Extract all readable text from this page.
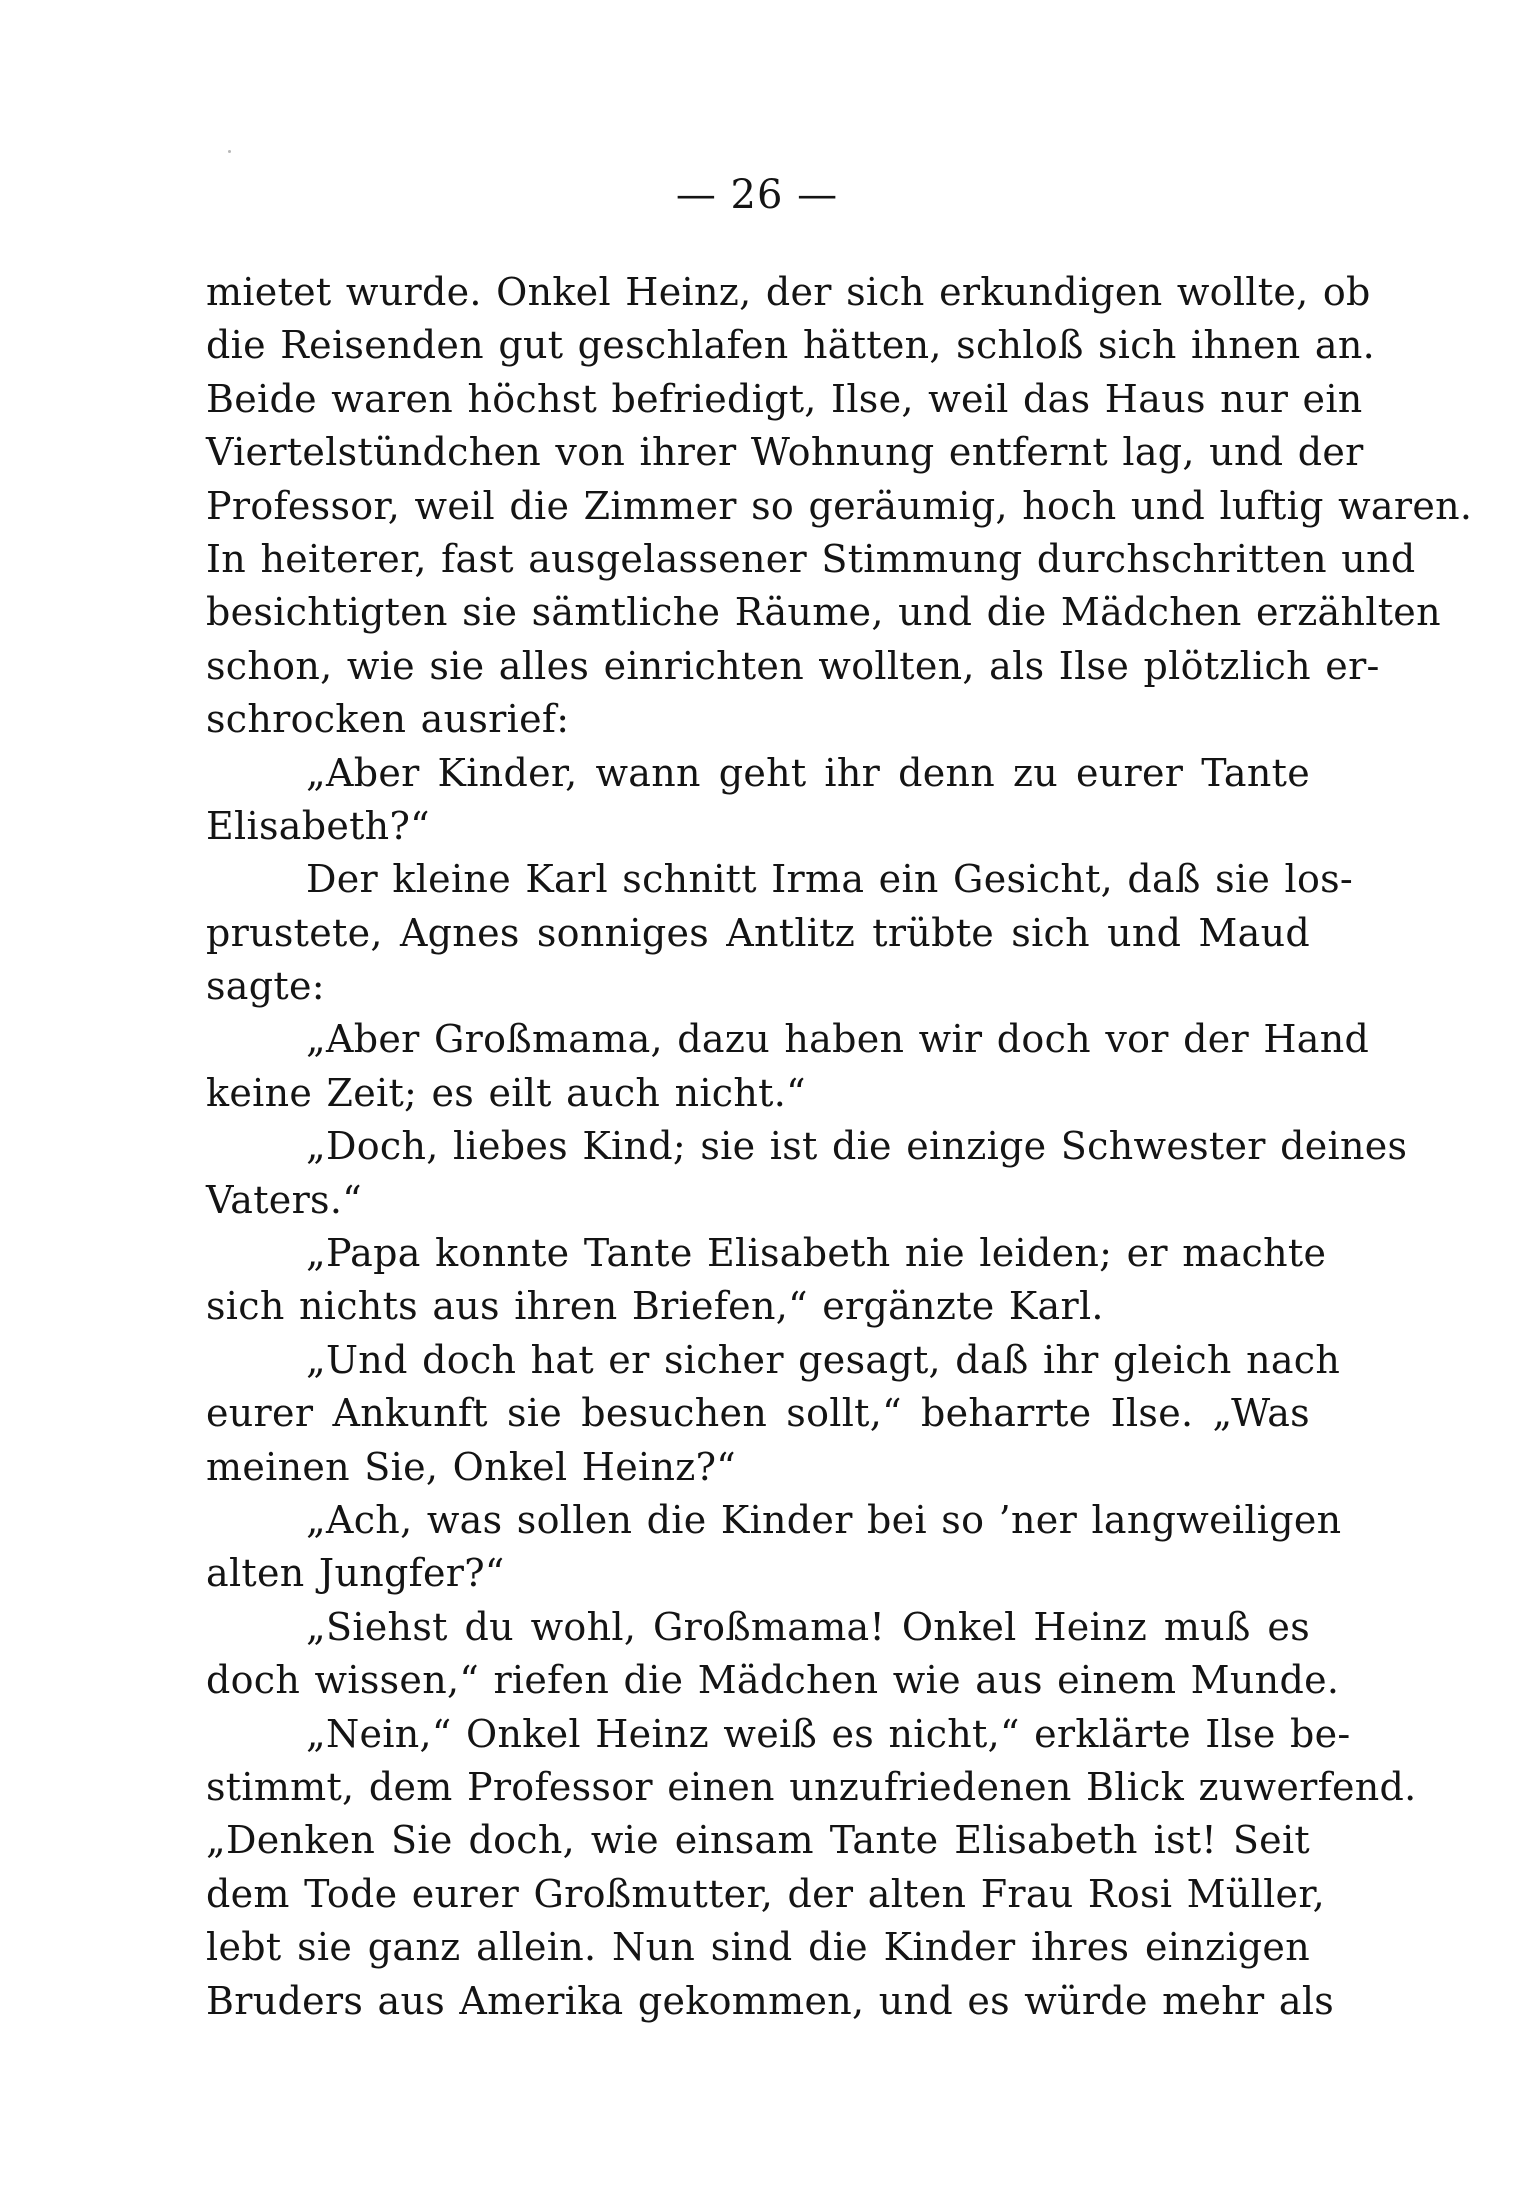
— 26 —
mietet wurde. Onkel Heinz, der sich erkundigen wollte, ob
die Reisenden gut geschlafen hätten, schloß sich ihnen an.
Beide waren höchst befriedigt, Ilse, weil das Haus nur ein
Viertelstündchen von ihrer Wohnung entfernt lag, und der
Professor, weil die Zimmer so geräumig, hoch und luftig waren.
In heiterer, fast ausgelassener Stimmung durchschritten und
besichtigten sie sämtliche Räume, und die Mädchen erzählten
schon, wie sie alles einrichten wollten, als Ilse plötzlich er-
schrocken ausrief:
„Aber Kinder, wann geht ihr denn zu eurer Tante
Elisabeth?“
Der kleine Karl schnitt Irma ein Gesicht, daß sie los-
prustete, Agnes sonniges Antlitz trübte sich und Maud
sagte:
„Aber Großmama, dazu haben wir doch vor der Hand
keine Zeit; es eilt auch nicht.“
„Doch, liebes Kind; sie ist die einzige Schwester deines
Vaters.“
„Papa konnte Tante Elisabeth nie leiden; er machte
sich nichts aus ihren Briefen,“ ergänzte Karl.
„Und doch hat er sicher gesagt, daß ihr gleich nach
eurer Ankunft sie besuchen sollt,“ beharrte Ilse. „Was
meinen Sie, Onkel Heinz?“
„Ach, was sollen die Kinder bei so ’ner langweiligen
alten Jungfer?“
„Siehst du wohl, Großmama! Onkel Heinz muß es
doch wissen,“ riefen die Mädchen wie aus einem Munde.
„Nein,“ Onkel Heinz weiß es nicht,“ erklärte Ilse be-
stimmt, dem Professor einen unzufriedenen Blick zuwerfend.
„Denken Sie doch, wie einsam Tante Elisabeth ist! Seit
dem Tode eurer Großmutter, der alten Frau Rosi Müller,
lebt sie ganz allein. Nun sind die Kinder ihres einzigen
Bruders aus Amerika gekommen, und es würde mehr als
